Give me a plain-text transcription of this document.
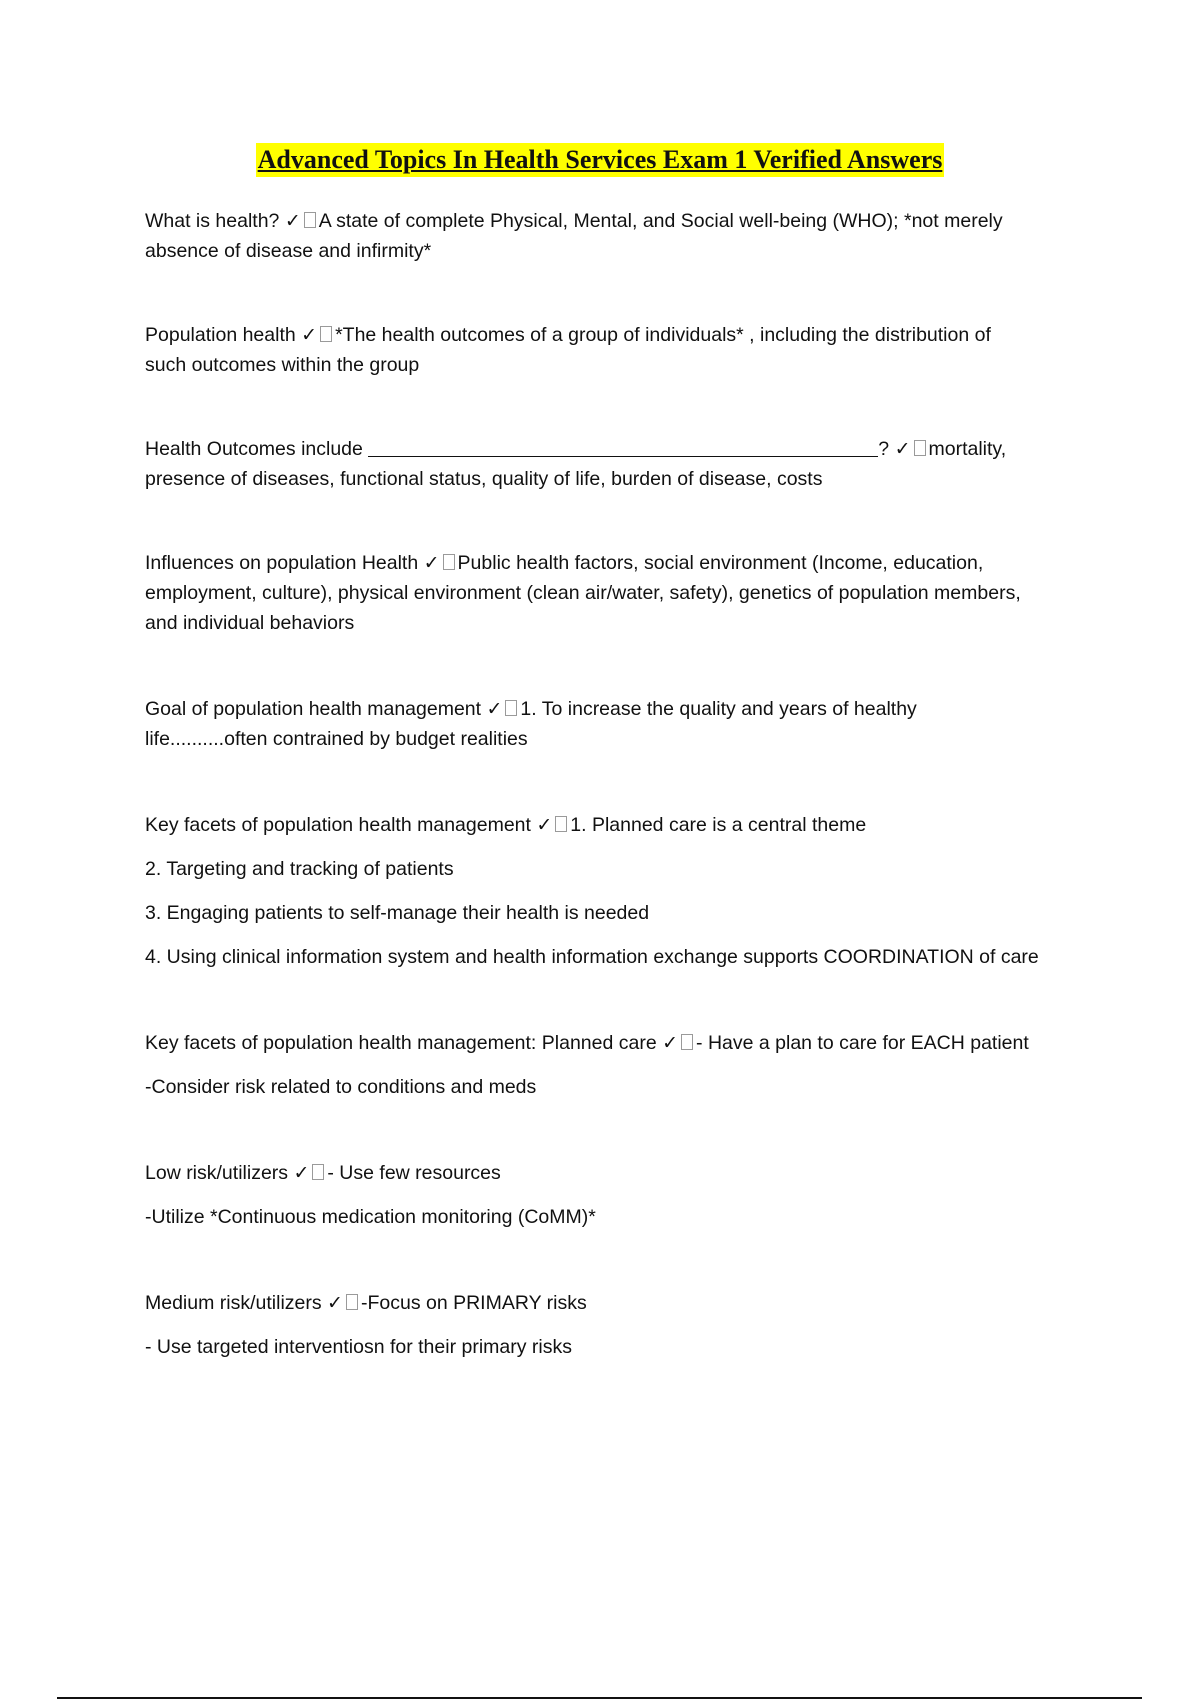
Advanced Topics In Health Services Exam 1 Verified Answers

What is health? ✓ A state of complete Physical, Mental, and Social well-being (WHO); *not merely

absence of disease and infirmity*

Population health ✓ *The health outcomes of a group of individuals* , including the distribution of

such outcomes within the group

Health Outcomes include	? ✓ mortality,

presence of diseases, functional status, quality of life, burden of disease, costs

Influences on population Health ✓ Public health factors, social environment (Income, education,

employment, culture), physical environment (clean air/water, safety), genetics of population members,

and individual behaviors

Goal of population health management ✓ 1. To increase the quality and years of healthy

life..........often contrained by budget realities

Key facets of population health management ✓ 1. Planned care is a central theme

2. Targeting and tracking of patients

3. Engaging patients to self-manage their health is needed

4. Using clinical information system and health information exchange supports COORDINATION of care

Key facets of population health management: Planned care ✓ - Have a plan to care for EACH patient

-Consider risk related to conditions and meds

Low risk/utilizers ✓ - Use few resources

-Utilize *Continuous medication monitoring (CoMM)*

Medium risk/utilizers ✓ -Focus on PRIMARY risks

- Use targeted interventiosn for their primary risks
